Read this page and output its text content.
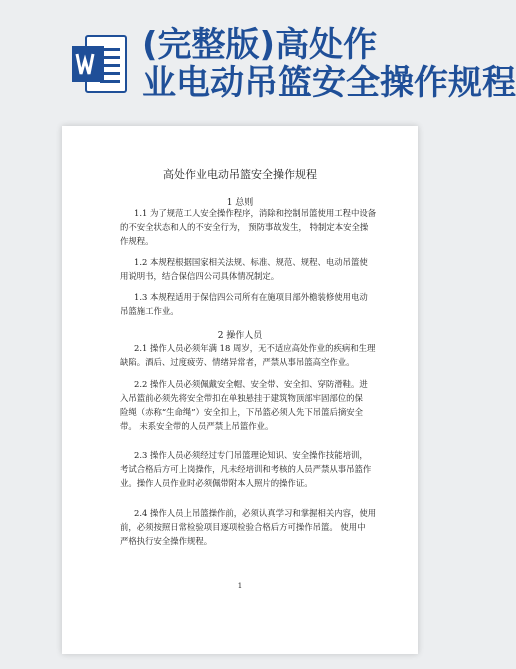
(完整版)高处作
业电动吊篮安全操作规程
高处作业电动吊篮安全操作规程
1 总则
1.1 为了规范工人安全操作程序，消除和控制吊篮使用工程中设备
的不安全状态和人的不安全行为， 预防事故发生， 特制定本安全操
作规程。
1.2 本规程根据国家相关法规、标准、规范、规程、电动吊篮使
用说明书，结合保信四公司具体情况制定。
1.3 本规程适用于保信四公司所有在施项目部外檐装修使用电动
吊篮施工作业。
2 操作人员
2.1 操作人员必须年满 18 周岁，无不适应高处作业的疾病和生理
缺陷。酒后、过度疲劳、情绪异常者，严禁从事吊篮高空作业。
2.2 操作人员必须佩戴安全帽、安全带、安全扣、穿防滑鞋。进
入吊篮前必须先将安全带扣在单独悬挂于建筑物顶部牢固部位的保
险绳（赤称“生命绳”）安全扣上，下吊篮必须人先下吊篮后摘安全
带。 未系安全带的人员严禁上吊篮作业。
2.3 操作人员必须经过专门吊篮理论知识、安全操作技能培训，
考试合格后方可上岗操作，凡未经培训和考核的人员严禁从事吊篮作
业。操作人员作业时必须佩带附本人照片的操作证。
2.4 操作人员上吊篮操作前，必须认真学习和掌握相关内容，使用
前，必须按照日常检验项目逐项检验合格后方可操作吊篮。 使用中
严格执行安全操作规程。
1
